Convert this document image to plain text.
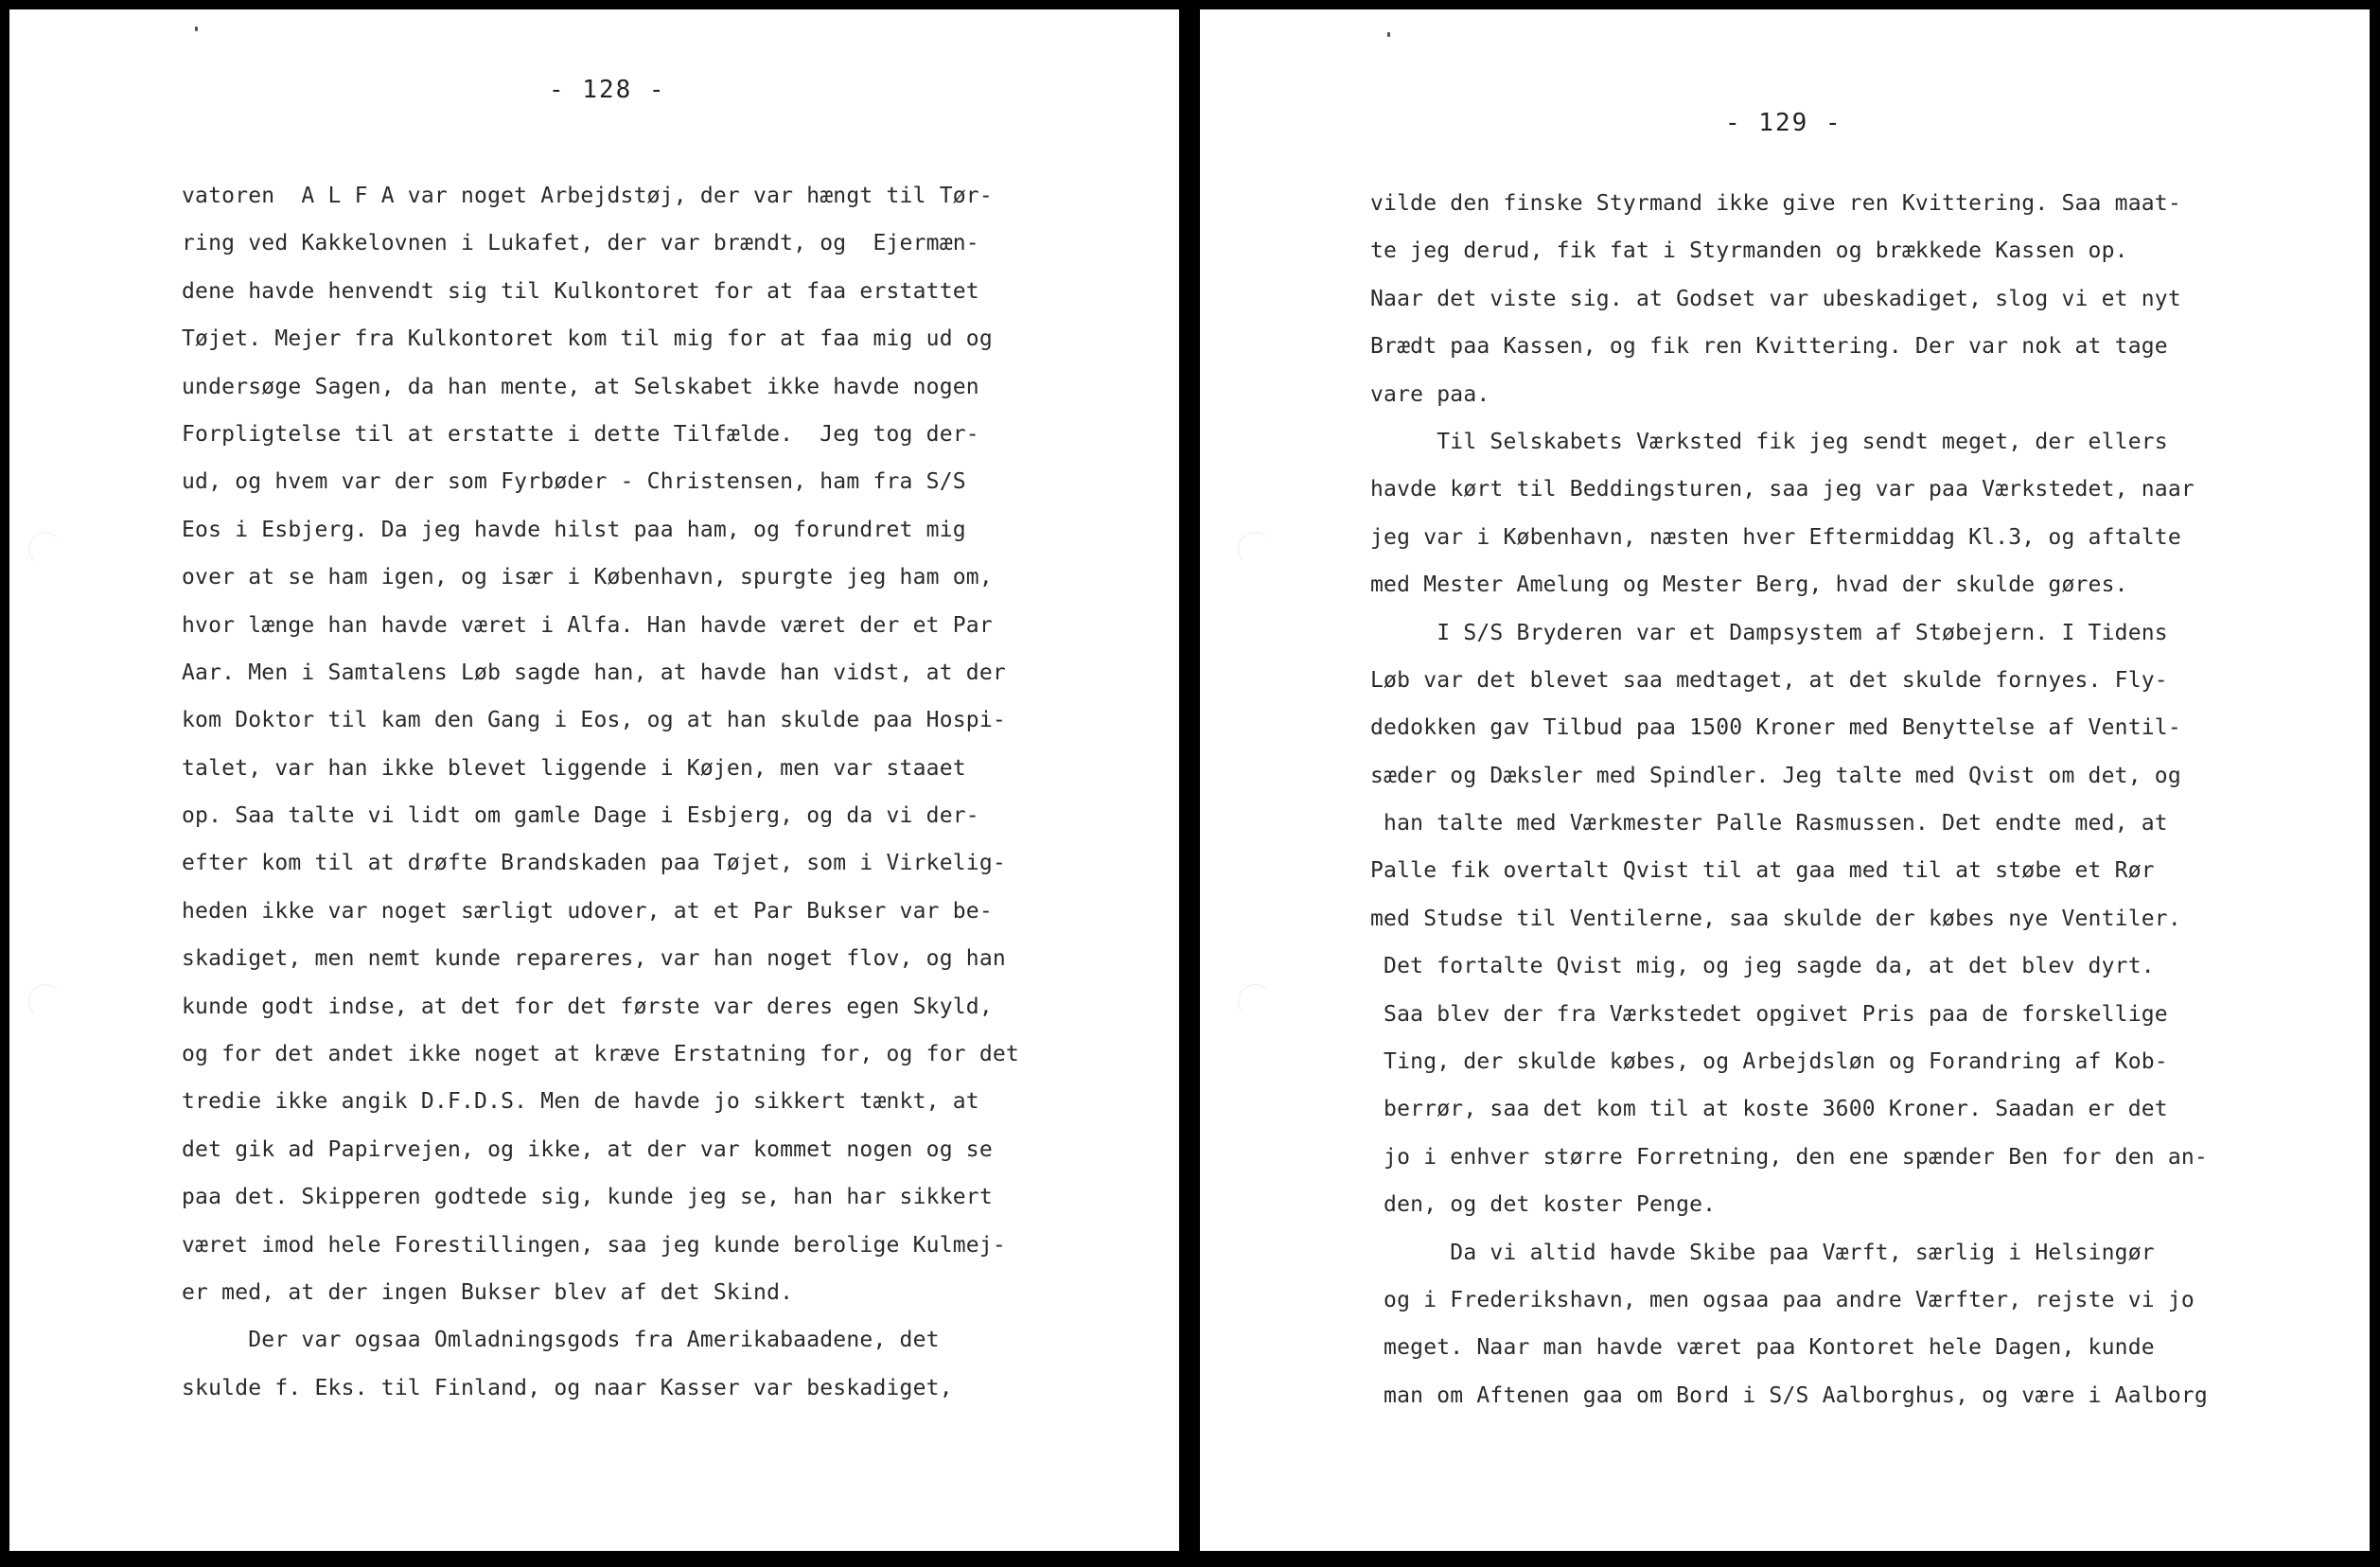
- 128 -
vatoren  A L F A var noget Arbejdstøj, der var hængt til Tør-
ring ved Kakkelovnen i Lukafet, der var brændt, og  Ejermæn-
dene havde henvendt sig til Kulkontoret for at faa erstattet
Tøjet. Mejer fra Kulkontoret kom til mig for at faa mig ud og
undersøge Sagen, da han mente, at Selskabet ikke havde nogen
Forpligtelse til at erstatte i dette Tilfælde.  Jeg tog der-
ud, og hvem var der som Fyrbøder - Christensen, ham fra S/S
Eos i Esbjerg. Da jeg havde hilst paa ham, og forundret mig
over at se ham igen, og især i København, spurgte jeg ham om,
hvor længe han havde været i Alfa. Han havde været der et Par
Aar. Men i Samtalens Løb sagde han, at havde han vidst, at der
kom Doktor til kam den Gang i Eos, og at han skulde paa Hospi-
talet, var han ikke blevet liggende i Køjen, men var staaet
op. Saa talte vi lidt om gamle Dage i Esbjerg, og da vi der-
efter kom til at drøfte Brandskaden paa Tøjet, som i Virkelig-
heden ikke var noget særligt udover, at et Par Bukser var be-
skadiget, men nemt kunde repareres, var han noget flov, og han
kunde godt indse, at det for det første var deres egen Skyld,
og for det andet ikke noget at kræve Erstatning for, og for det
tredie ikke angik D.F.D.S. Men de havde jo sikkert tænkt, at
det gik ad Papirvejen, og ikke, at der var kommet nogen og se
paa det. Skipperen godtede sig, kunde jeg se, han har sikkert
været imod hele Forestillingen, saa jeg kunde berolige Kulmej-
er med, at der ingen Bukser blev af det Skind.
Der var ogsaa Omladningsgods fra Amerikabaadene, det
skulde f. Eks. til Finland, og naar Kasser var beskadiget,
- 129 -
vilde den finske Styrmand ikke give ren Kvittering. Saa maat-
te jeg derud, fik fat i Styrmanden og brækkede Kassen op.
Naar det viste sig. at Godset var ubeskadiget, slog vi et nyt
Brædt paa Kassen, og fik ren Kvittering. Der var nok at tage
vare paa.
Til Selskabets Værksted fik jeg sendt meget, der ellers
havde kørt til Beddingsturen, saa jeg var paa Værkstedet, naar
jeg var i København, næsten hver Eftermiddag Kl.3, og aftalte
med Mester Amelung og Mester Berg, hvad der skulde gøres.
I S/S Bryderen var et Dampsystem af Støbejern. I Tidens
Løb var det blevet saa medtaget, at det skulde fornyes. Fly-
dedokken gav Tilbud paa 1500 Kroner med Benyttelse af Ventil-
sæder og Dæksler med Spindler. Jeg talte med Qvist om det, og
han talte med Værkmester Palle Rasmussen. Det endte med, at
Palle fik overtalt Qvist til at gaa med til at støbe et Rør
med Studse til Ventilerne, saa skulde der købes nye Ventiler.
Det fortalte Qvist mig, og jeg sagde da, at det blev dyrt.
Saa blev der fra Værkstedet opgivet Pris paa de forskellige
Ting, der skulde købes, og Arbejdsløn og Forandring af Kob-
berrør, saa det kom til at koste 3600 Kroner. Saadan er det
jo i enhver større Forretning, den ene spænder Ben for den an-
den, og det koster Penge.
Da vi altid havde Skibe paa Værft, særlig i Helsingør
og i Frederikshavn, men ogsaa paa andre Værfter, rejste vi jo
meget. Naar man havde været paa Kontoret hele Dagen, kunde
man om Aftenen gaa om Bord i S/S Aalborghus, og være i Aalborg
